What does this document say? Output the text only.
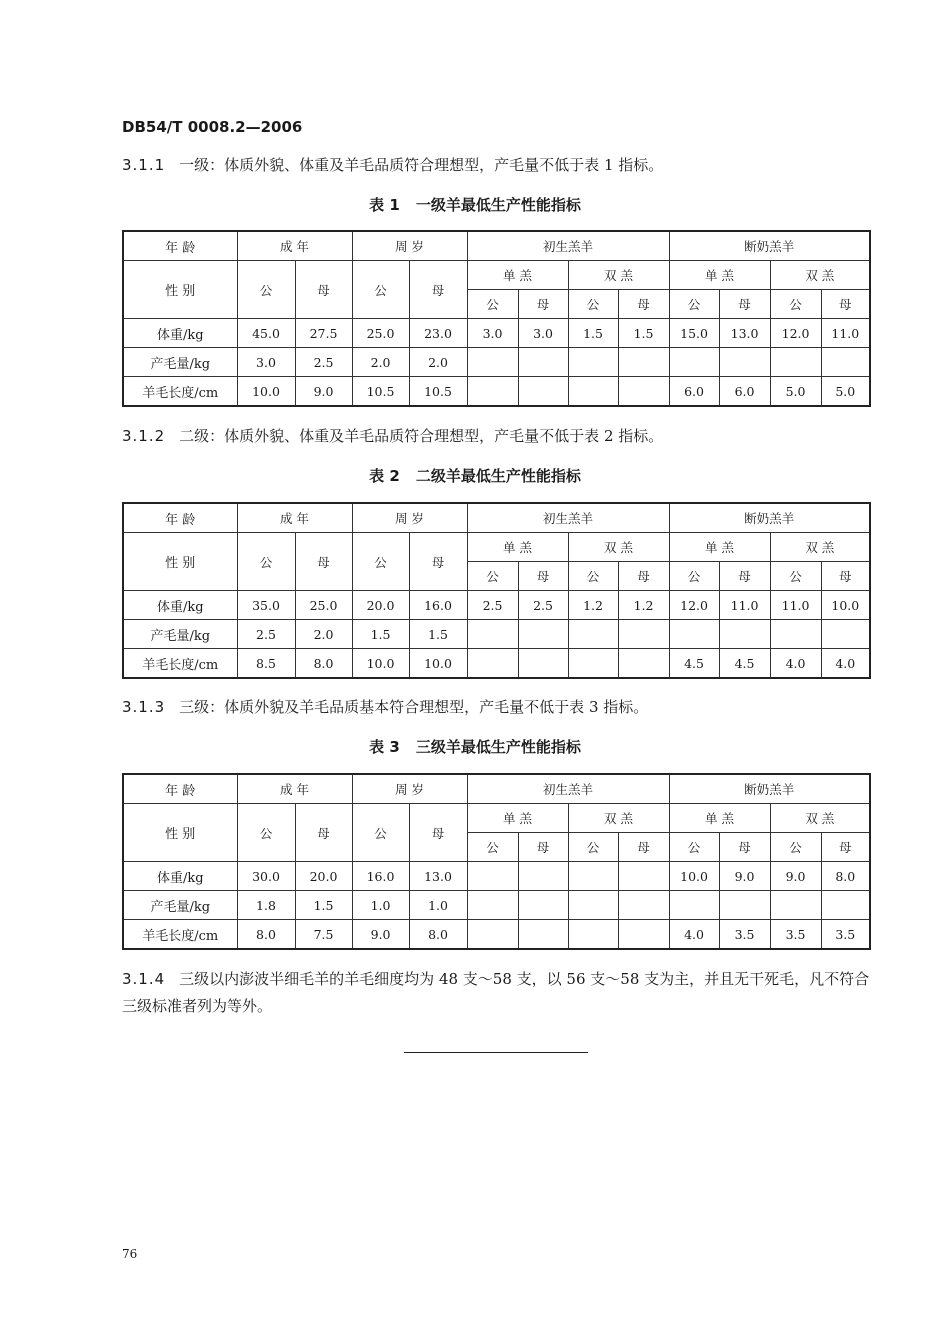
DB54/T 0008.2—2006
3.1.1 一级：体质外貌、体重及羊毛品质符合理想型，产毛量不低于表 1 指标。
表 1 一级羊最低生产性能指标
年 龄	成 年		周 岁		初生羔羊				断奶羔羊			
性 别	公	母	公	母	单 羔		双 羔		单 羔		双 羔	
					公	母	公	母	公	母	公	母
体重/kg	45.0	27.5	25.0	23.0	3.0	3.0	1.5	1.5	15.0	13.0	12.0	11.0
产毛量/kg	3.0	2.5	2.0	2.0								
羊毛长度/cm	10.0	9.0	10.5	10.5					6.0	6.0	5.0	5.0
3.1.2 二级：体质外貌、体重及羊毛品质符合理想型，产毛量不低于表 2 指标。
表 2 二级羊最低生产性能指标
年 龄	成 年		周 岁		初生羔羊				断奶羔羊			
性 别	公	母	公	母	单 羔		双 羔		单 羔		双 羔	
					公	母	公	母	公	母	公	母
体重/kg	35.0	25.0	20.0	16.0	2.5	2.5	1.2	1.2	12.0	11.0	11.0	10.0
产毛量/kg	2.5	2.0	1.5	1.5								
羊毛长度/cm	8.5	8.0	10.0	10.0					4.5	4.5	4.0	4.0
3.1.3 三级：体质外貌及羊毛品质基本符合理想型，产毛量不低于表 3 指标。
表 3 三级羊最低生产性能指标
年 龄	成 年		周 岁		初生羔羊				断奶羔羊			
性 别	公	母	公	母	单 羔		双 羔		单 羔		双 羔	
					公	母	公	母	公	母	公	母
体重/kg	30.0	20.0	16.0	13.0					10.0	9.0	9.0	8.0
产毛量/kg	1.8	1.5	1.0	1.0								
羊毛长度/cm	8.0	7.5	9.0	8.0					4.0	3.5	3.5	3.5
3.1.4 三级以内澎波半细毛羊的羊毛细度均为 48 支～58 支，以 56 支～58 支为主，并且无干死毛，凡不符合三级标准者列为等外。
76
